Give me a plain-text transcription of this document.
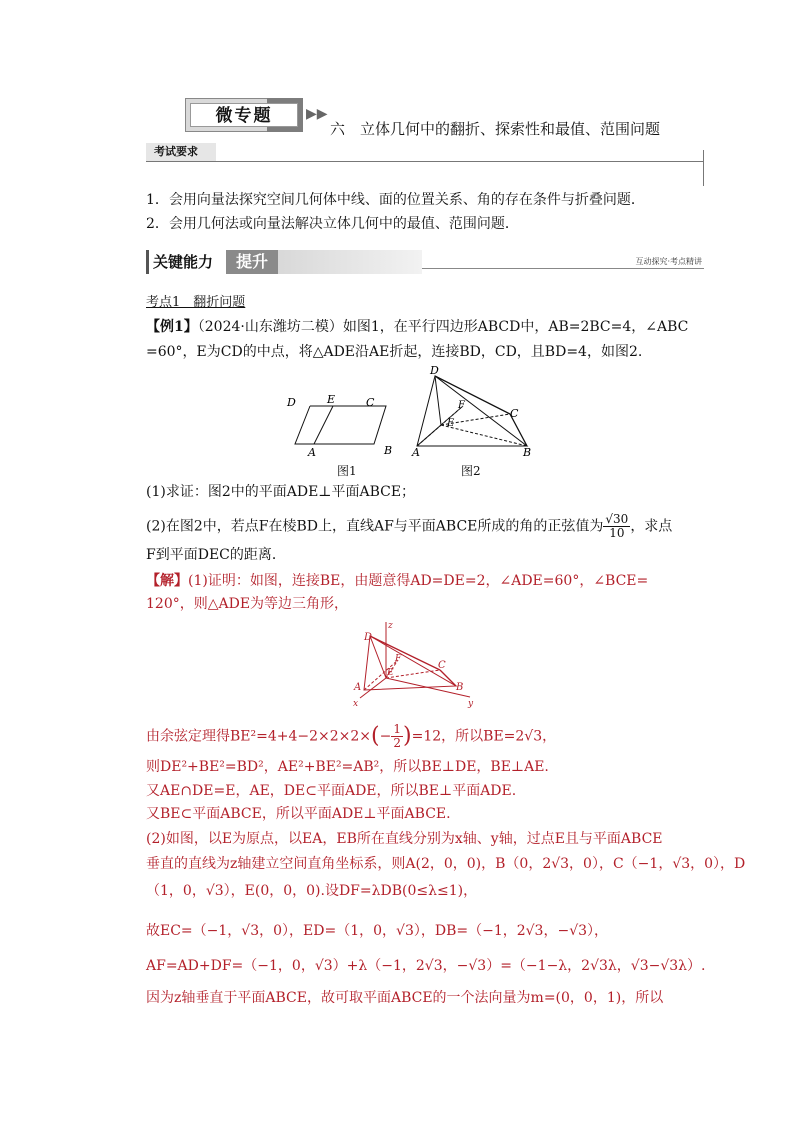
微专题	▶▶
六　立体几何中的翻折、探索性和最值、范围问题
考试要求
1．会用向量法探究空间几何体中线、面的位置关系、角的存在条件与折叠问题．
2．会用几何法或向量法解决立体几何中的最值、范围问题．
关键能力	提升	互动探究·考点精讲
考点1　翻折问题
【例1】（2024·山东潍坊二模）如图1，在平行四边形ABCD中，AB=2BC=4，∠ABC
=60°，E为CD的中点，将△ADE沿AE折起，连接BD，CD，且BD=4，如图2.
D	E	C
A	B
图1
D
F
E
C
A	B
图2
(1)求证：图2中的平面ADE⊥平面ABCE；
(2)在图2中，若点F在棱BD上，直线AF与平面ABCE所成的角的正弦值为 $\frac{√30}{10}$ ，求点
F到平面DEC的距离．
【解】(1)证明：如图，连接BE，由题意得AD=DE=2，∠ADE=60°，∠BCE=
120°，则△ADE为等边三角形，
D
z
F
E
C
A	B
x	y
由余弦定理得$BE^2=4+4-2\times 2\times 2\times(- \frac{1}{2} )=12$，所以BE=2√3，
则DE²+BE²=BD²，AE²+BE²=AB²，所以BE⊥DE，BE⊥AE.
又AE∩DE=E，AE，DE⊂平面ADE，所以BE⊥平面ADE.
又BE⊂平面ABCE，所以平面ADE⊥平面ABCE.
(2)如图，以E为原点，以EA，EB所在直线分别为x轴、y轴，过点E且与平面ABCE
垂直的直线为z轴建立空间直角坐标系，则A(2，0，0)，B（0，2√3，0），C（−1，√3，0），D
（1，0，√3），E(0，0，0).设DF=λDB(0≤λ≤1)，
故EC=（−1，√3，0），ED=（1，0，√3），DB=（−1，2√3，−√3），
AF=AD+DF=（−1，0，√3）+λ（−1，2√3，−√3）=（−1−λ，2√3λ，√3−√3λ）.
因为z轴垂直于平面ABCE，故可取平面ABCE的一个法向量为m=(0，0，1)，所以
